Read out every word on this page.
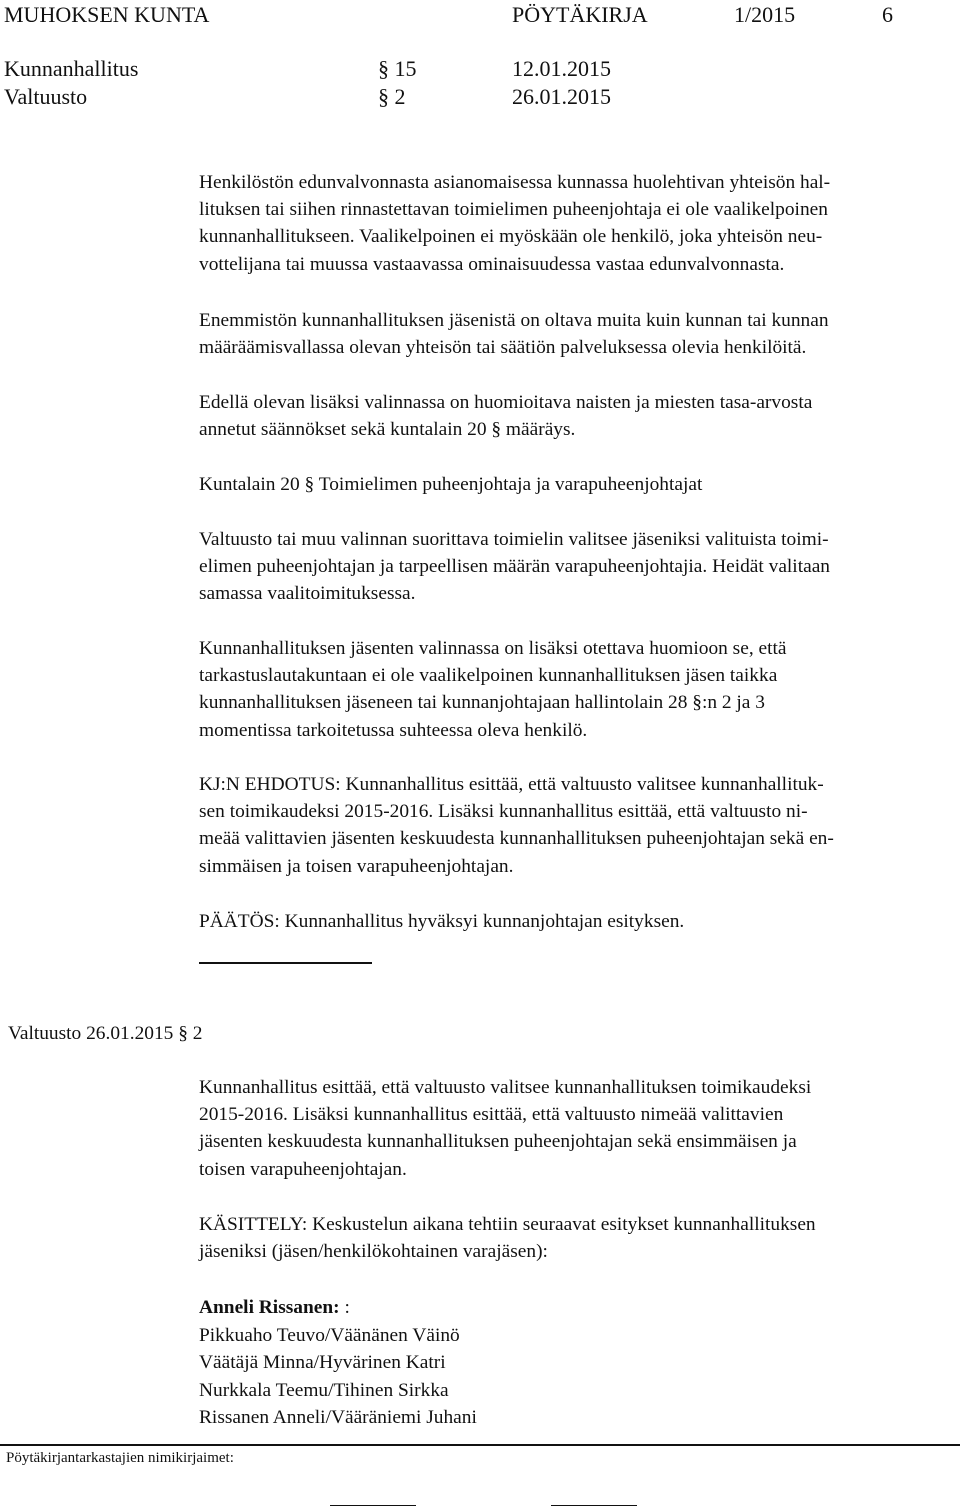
MUHOKSEN KUNTA	PÖYTÄKIRJA	1/2015	6
Kunnanhallitus	§ 15	12.01.2015
Valtuusto	§ 2	26.01.2015
Henkilöstön edunvalvonnasta asianomaisessa kunnassa huolehtivan yhteisön hal-
lituksen tai siihen rinnastettavan toimielimen puheenjohtaja ei ole vaalikelpoinen
kunnanhallitukseen. Vaalikelpoinen ei myöskään ole henkilö, joka yhteisön neu-
vottelijana tai muussa vastaavassa ominaisuudessa vastaa edunvalvonnasta.
Enemmistön kunnanhallituksen jäsenistä on oltava muita kuin kunnan tai kunnan
määräämisvallassa olevan yhteisön tai säätiön palveluksessa olevia henkilöitä.
Edellä olevan lisäksi valinnassa on huomioitava naisten ja miesten tasa-arvosta
annetut säännökset sekä kuntalain 20 § määräys.
Kuntalain 20 § Toimielimen puheenjohtaja ja varapuheenjohtajat
Valtuusto tai muu valinnan suorittava toimielin valitsee jäseniksi valituista toimi-
elimen puheenjohtajan ja tarpeellisen määrän varapuheenjohtajia. Heidät valitaan
samassa vaalitoimituksessa.
Kunnanhallituksen jäsenten valinnassa on lisäksi otettava huomioon se, että
tarkastuslautakuntaan ei ole vaalikelpoinen kunnanhallituksen jäsen taikka
kunnanhallituksen jäseneen tai kunnanjohtajaan hallintolain 28 §:n 2 ja 3
momentissa tarkoitetussa suhteessa oleva henkilö.
KJ:N EHDOTUS: Kunnanhallitus esittää, että valtuusto valitsee kunnanhallituk-
sen toimikaudeksi 2015-2016. Lisäksi kunnanhallitus esittää, että valtuusto ni-
meää valittavien jäsenten keskuudesta kunnanhallituksen puheenjohtajan sekä en-
simmäisen ja toisen varapuheenjohtajan.
PÄÄTÖS: Kunnanhallitus hyväksyi kunnanjohtajan esityksen.
Valtuusto 26.01.2015 § 2
Kunnanhallitus esittää, että valtuusto valitsee kunnanhallituksen toimikaudeksi
2015-2016. Lisäksi kunnanhallitus esittää, että valtuusto nimeää valittavien
jäsenten keskuudesta kunnanhallituksen puheenjohtajan sekä ensimmäisen ja
toisen varapuheenjohtajan.
KÄSITTELY: Keskustelun aikana tehtiin seuraavat esitykset kunnanhallituksen
jäseniksi (jäsen/henkilökohtainen varajäsen):
Anneli Rissanen: :
Pikkuaho Teuvo/Väänänen Väinö
Väätäjä Minna/Hyvärinen Katri
Nurkkala Teemu/Tihinen Sirkka
Rissanen Anneli/Vääräniemi Juhani
Pöytäkirjantarkastajien nimikirjaimet:
